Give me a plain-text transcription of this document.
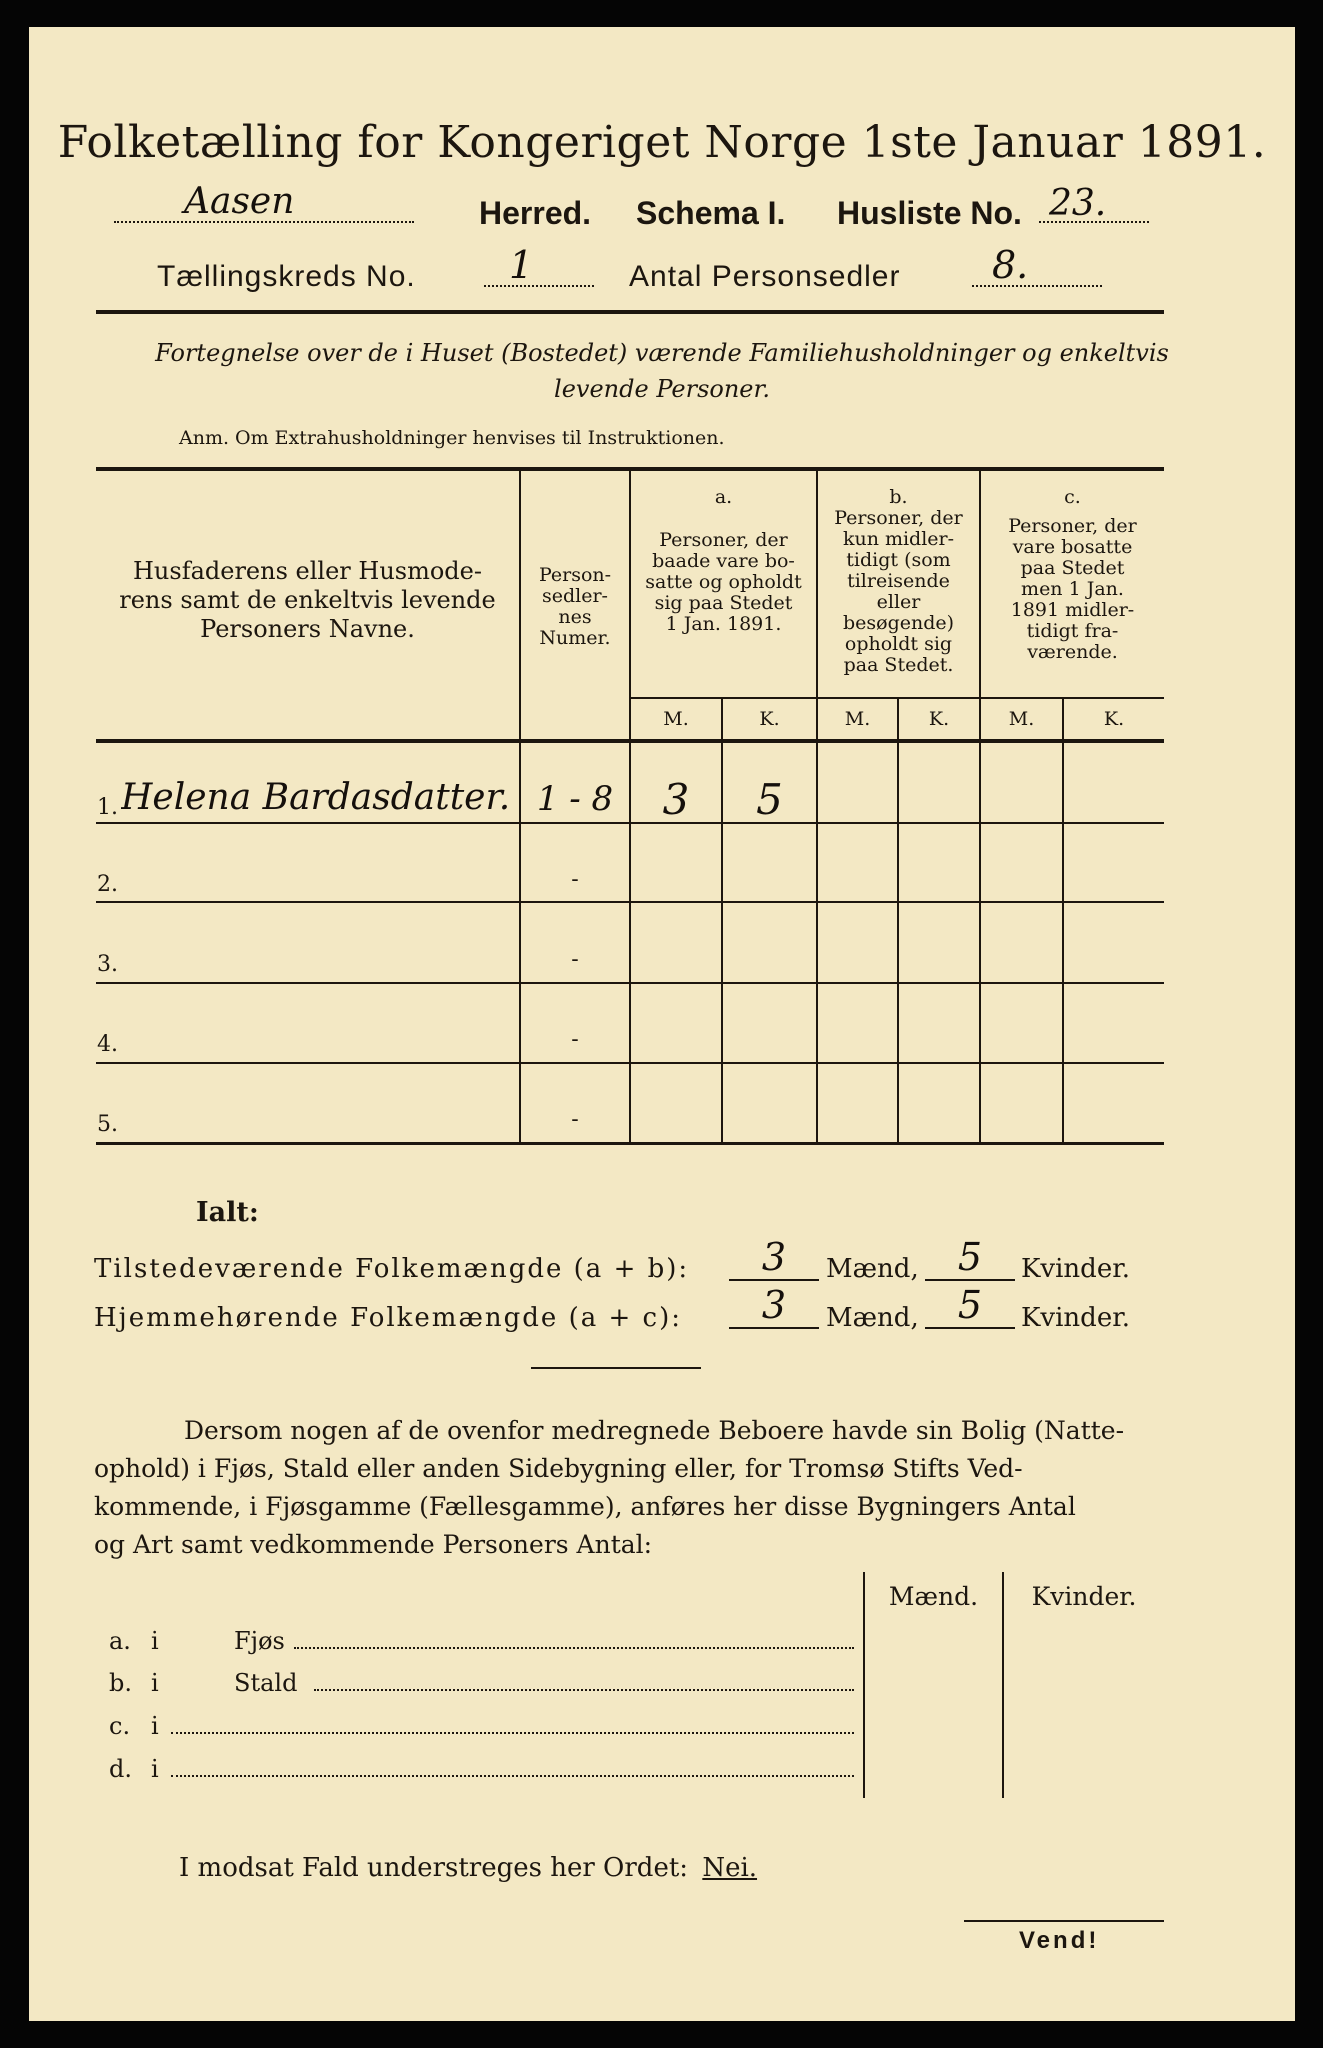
Folketælling for Kongeriget Norge 1ste Januar 1891.
Aasen	Herred. Schema I. Husliste No. 23.
Tællingskreds No. 1	Antal Personsedler 8.
Fortegnelse over de i Huset (Bostedet) værende Familiehusholdninger og enkeltvis
levende Personer.
Anm. Om Extrahusholdninger henvises til Instruktionen.
Husfaderens eller Husmode-
rens samt de enkeltvis levende
Personers Navne.
Person-
sedler-
nes
Numer.
a.
Personer, der
baade vare bo-
satte og opholdt
sig paa Stedet
1 Jan. 1891.
b.
Personer, der
kun midler-
tidigt (som
tilreisende
eller
besøgende)
opholdt sig
paa Stedet.
c.
Personer, der
vare bosatte
paa Stedet
men 1 Jan.
1891 midler-
tidigt fra-
værende.
M.	K.	M.	K.	M.	K.
1. Helena Bardasdatter. 1 - 8	3	5
2.	-
3.	-
4.	-
5.	-
Ialt:
Tilstedeværende Folkemængde (a + b):	3	Mænd,	5	Kvinder.
Hjemmehørende Folkemængde (a + c):	3	Mænd,	5	Kvinder.
Dersom nogen af de ovenfor medregnede Beboere havde sin Bolig (Natte-
ophold) i Fjøs, Stald eller anden Sidebygning eller, for Tromsø Stifts Ved-
kommende, i Fjøsgamme (Fællesgamme), anføres her disse Bygningers Antal
og Art samt vedkommende Personers Antal:
Mænd.	Kvinder.
a. i	Fjøs
b. i	Stald
c. i
d. i
I modsat Fald understreges her Ordet: Nei.
Vend!
